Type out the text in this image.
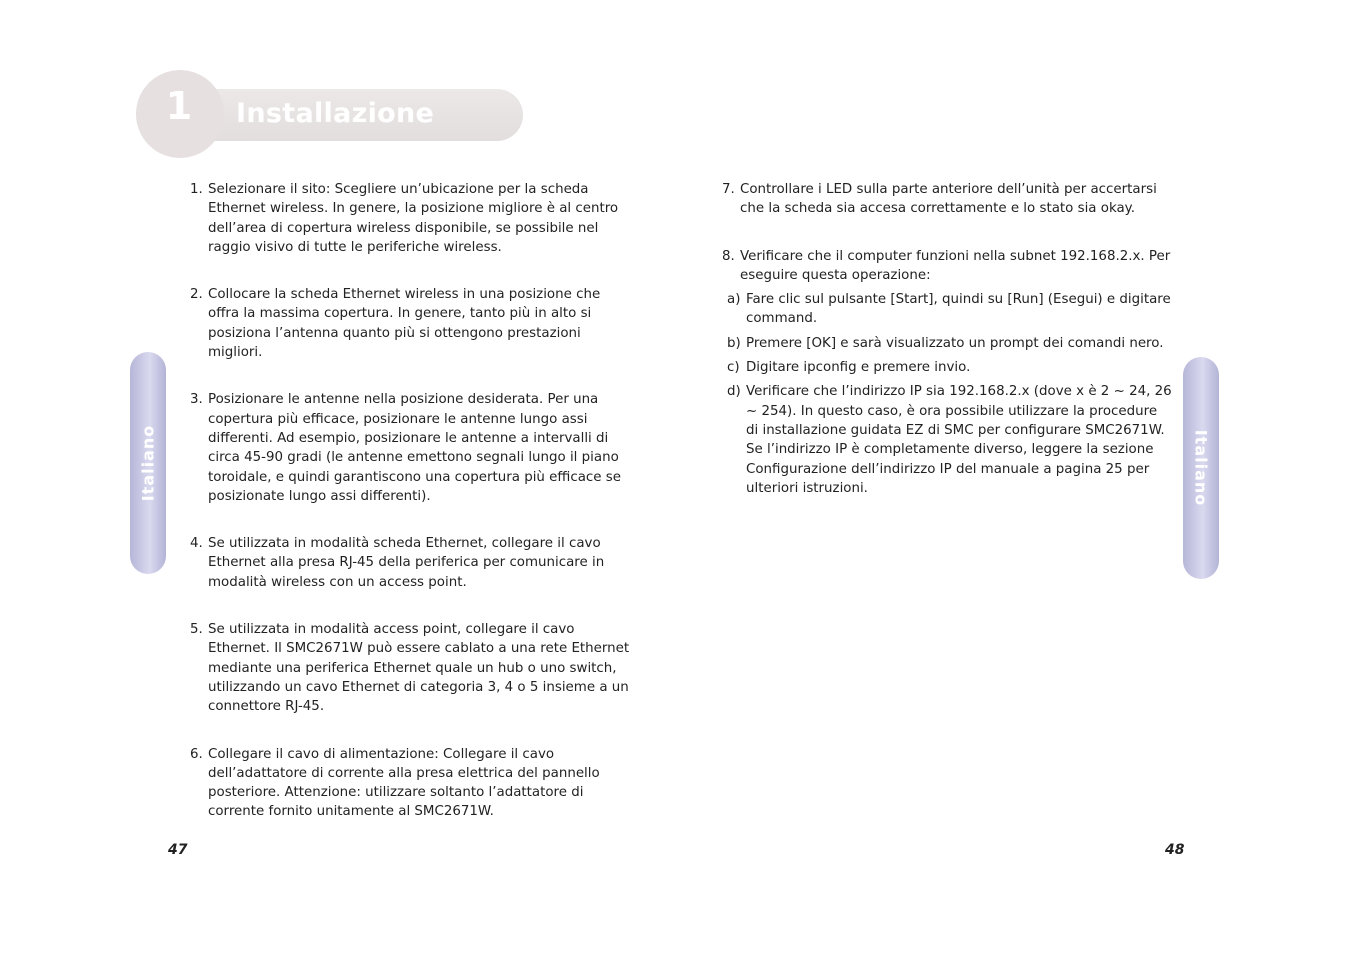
1	Installazione
Italiano	Italiano
1. Selezionare il sito: Scegliere un’ubicazione per la scheda Ethernet wireless. In genere, la posizione migliore è al centro dell’area di copertura wireless disponibile, se possibile nel raggio visivo di tutte le periferiche wireless.
2. Collocare la scheda Ethernet wireless in una posizione che offra la massima copertura. In genere, tanto più in alto si posiziona l’antenna quanto più si ottengono prestazioni migliori.
3. Posizionare le antenne nella posizione desiderata. Per una copertura più efficace, posizionare le antenne lungo assi differenti. Ad esempio, posizionare le antenne a intervalli di circa 45-90 gradi (le antenne emettono segnali lungo il piano toroidale, e quindi garantiscono una copertura più efficace se posizionate lungo assi differenti).
4. Se utilizzata in modalità scheda Ethernet, collegare il cavo Ethernet alla presa RJ-45 della periferica per comunicare in modalità wireless con un access point.
5. Se utilizzata in modalità access point, collegare il cavo Ethernet. Il SMC2671W può essere cablato a una rete Ethernet mediante una periferica Ethernet quale un hub o uno switch, utilizzando un cavo Ethernet di categoria 3, 4 o 5 insieme a un connettore RJ-45.
6. Collegare il cavo di alimentazione: Collegare il cavo dell’adattatore di corrente alla presa elettrica del pannello posteriore. Attenzione: utilizzare soltanto l’adattatore di corrente fornito unitamente al SMC2671W.
7. Controllare i LED sulla parte anteriore dell’unità per accertarsi che la scheda sia accesa correttamente e lo stato sia okay.
8. Verificare che il computer funzioni nella subnet 192.168.2.x. Per eseguire questa operazione:
a) Fare clic sul pulsante [Start], quindi su [Run] (Esegui) e digitare command.
b) Premere [OK] e sarà visualizzato un prompt dei comandi nero.
c) Digitare ipconfig e premere invio.
d) Verificare che l’indirizzo IP sia 192.168.2.x (dove x è 2 ~ 24, 26 ~ 254). In questo caso, è ora possibile utilizzare la procedure di installazione guidata EZ di SMC per configurare SMC2671W. Se l’indirizzo IP è completamente diverso, leggere la sezione Configurazione dell’indirizzo IP del manuale a pagina 25 per ulteriori istruzioni.
47	48
